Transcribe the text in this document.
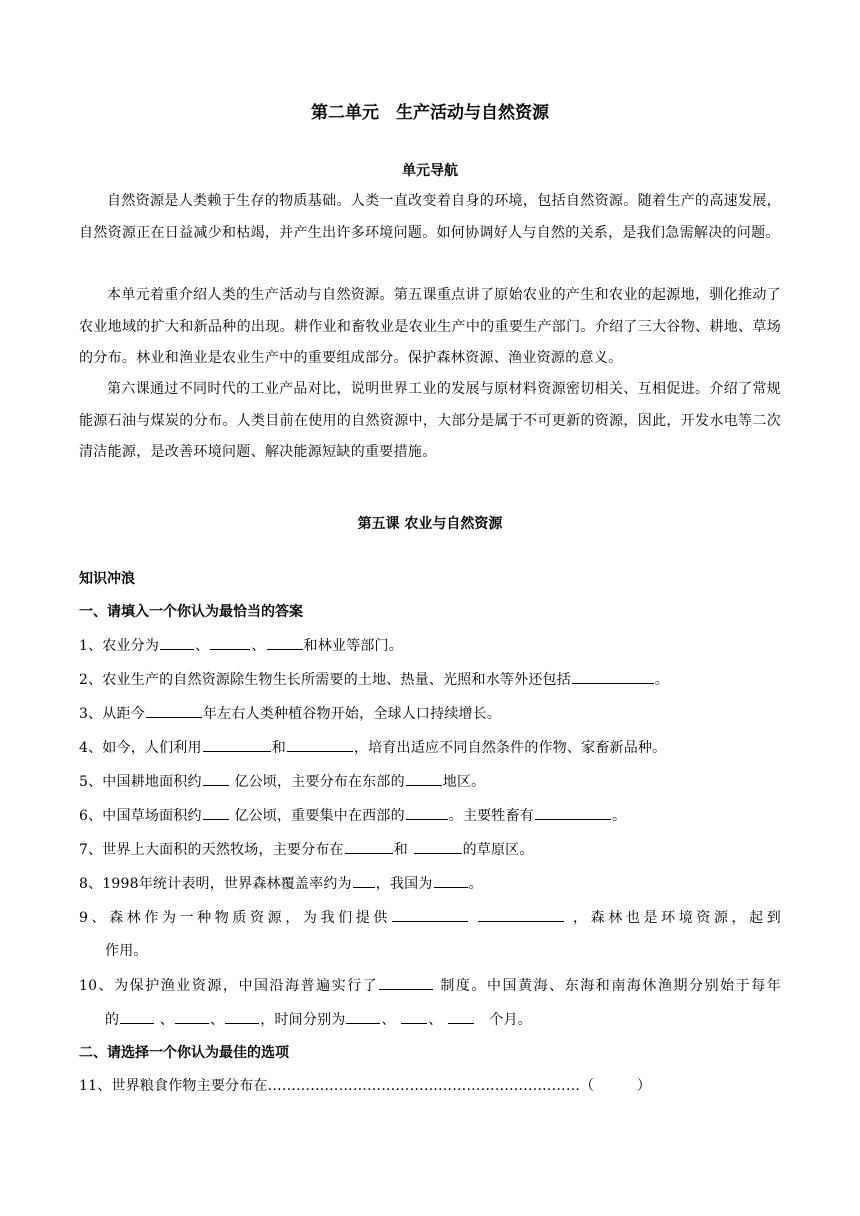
第二单元　生产活动与自然资源
单元导航
自然资源是人类赖于生存的物质基础。人类一直改变着自身的环境，包括自然资源。随着生产的高速发展，自然资源正在日益减少和枯竭，并产生出许多环境问题。如何协调好人与自然的关系，是我们急需解决的问题。
本单元着重介绍人类的生产活动与自然资源。第五课重点讲了原始农业的产生和农业的起源地，驯化推动了农业地域的扩大和新品种的出现。耕作业和畜牧业是农业生产中的重要生产部门。介绍了三大谷物、耕地、草场的分布。林业和渔业是农业生产中的重要组成部分。保护森林资源、渔业资源的意义。
第六课通过不同时代的工业产品对比，说明世界工业的发展与原材料资源密切相关、互相促进。介绍了常规能源石油与煤炭的分布。人类目前在使用的自然资源中，大部分是属于不可更新的资源，因此，开发水电等二次清洁能源，是改善环境问题、解决能源短缺的重要措施。
第五课 农业与自然资源
知识冲浪
一、请填入一个你认为最恰当的答案
1、农业分为	、	、	和林业等部门。
2、农业生产的自然资源除生物生长所需要的土地、热量、光照和水等外还包括	。
3、从距今	年左右人类种植谷物开始，全球人口持续增长。
4、如今，人们利用	和	，培育出适应不同自然条件的作物、家畜新品种。
5、中国耕地面积约 亿公顷，主要分布在东部的	地区。
6、中国草场面积约 亿公顷，重要集中在西部的	。主要牲畜有	。
7、世界上大面积的天然牧场，主要分布在	和	的草原区。
8、1998年统计表明，世界森林覆盖率约为 ，我国为	。
9、森林作为一种物质资源，为我们提供	，森林也是环境资源，起到
作用。
10、为保护渔业资源，中国沿海普遍实行了	制度。中国黄海、东海和南海休渔期分别始于每年
的	、	、	，时间分别为	、 、 　个月。
二、请选择一个你认为最佳的选项
11、世界粮食作物主要分布在…………………………………………………………（　　　）
